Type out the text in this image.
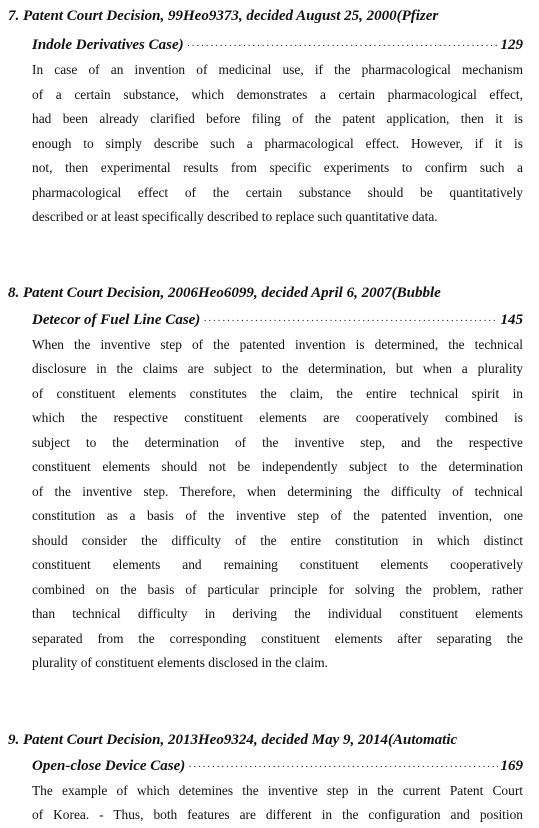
7. Patent Court Decision, 99Heo9373, decided August 25, 2000(Pfizer
Indole Derivatives Case) ·····	129
In case of an invention of medicinal use, if the pharmacological mechanism
of a certain substance, which demonstrates a certain pharmacological effect,
had been already clarified before filing of the patent application, then it is
enough to simply describe such a pharmacological effect. However, if it is
not, then experimental results from specific experiments to confirm such a
pharmacological effect of the certain substance should be quantitatively
described or at least specifically described to replace such quantitative data.
8. Patent Court Decision, 2006Heo6099, decided April 6, 2007(Bubble
Detecor of Fuel Line Case) ·····	145
When the inventive step of the patented invention is determined, the technical
disclosure in the claims are subject to the determination, but when a plurality
of constituent elements constitutes the claim, the entire technical spirit in
which the respective constituent elements are cooperatively combined is
subject to the determination of the inventive step, and the respective
constituent elements should not be independently subject to the determination
of the inventive step. Therefore, when determining the difficulty of technical
constitution as a basis of the inventive step of the patented invention, one
should consider the difficulty of the entire constitution in which distinct
constituent elements and remaining constituent elements cooperatively
combined on the basis of particular principle for solving the problem, rather
than technical difficulty in deriving the individual constituent elements
separated from the corresponding constituent elements after separating the
plurality of constituent elements disclosed in the claim.
9. Patent Court Decision, 2013Heo9324, decided May 9, 2014(Automatic
Open-close Device Case) ·····	169
The example of which detemines the inventive step in the current Patent Court
of Korea. - Thus, both features are different in the configuration and position
